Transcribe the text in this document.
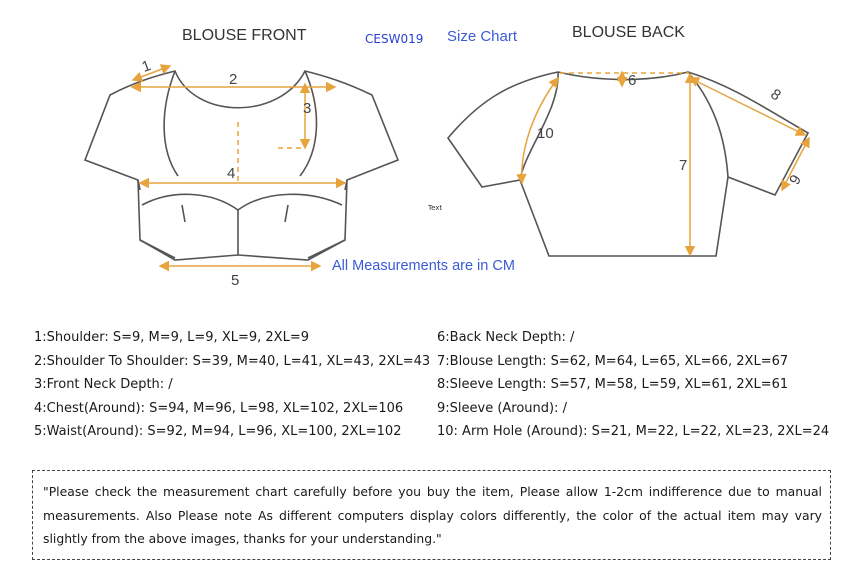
BLOUSE FRONT	CESW019 Size Chart	BLOUSE BACK
1
2
3
4
5
6
7
8
9
10
Text
All Measurements are in CM
1:Shoulder: S=9, M=9, L=9, XL=9, 2XL=9
2:Shoulder To Shoulder: S=39, M=40, L=41, XL=43, 2XL=43
3:Front Neck Depth: /
4:Chest(Around): S=94, M=96, L=98, XL=102, 2XL=106
5:Waist(Around): S=92, M=94, L=96, XL=100, 2XL=102
6:Back Neck Depth: /
7:Blouse Length: S=62, M=64, L=65, XL=66, 2XL=67
8:Sleeve Length: S=57, M=58, L=59, XL=61, 2XL=61
9:Sleeve (Around): /
10: Arm Hole (Around): S=21, M=22, L=22, XL=23, 2XL=24
"Please check the measurement chart carefully before you buy the item, Please allow 1-2cm indifference due to manual measurements. Also Please note As different computers display colors differently, the color of the actual item may vary slightly from the above images, thanks for your understanding."
